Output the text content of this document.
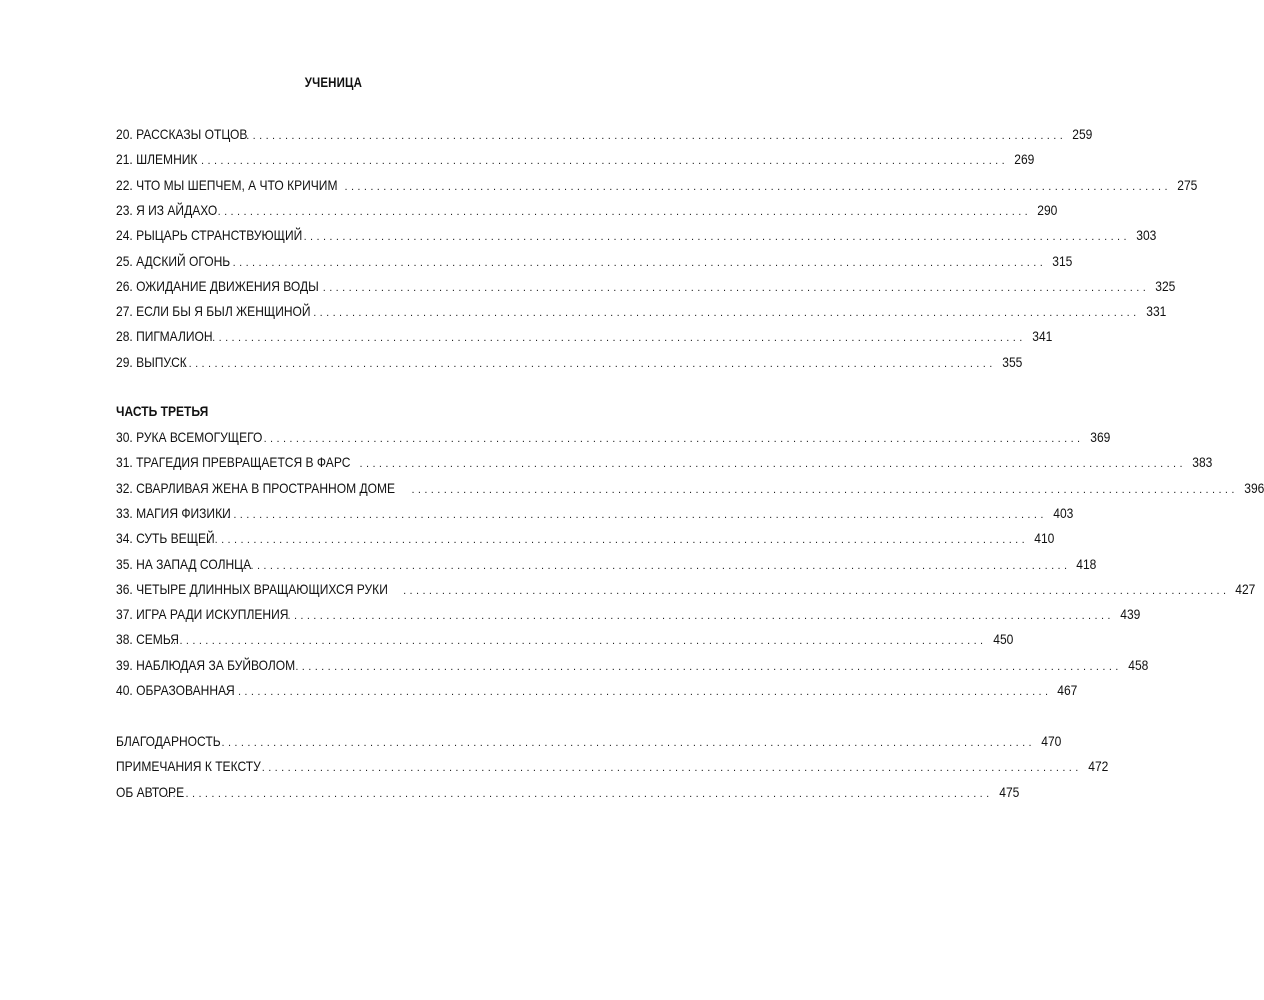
УЧЕНИЦА
20. РАССКАЗЫ ОТЦОВ
................................................................................................................................ 259
21. ШЛЕМНИК
................................................................................................................................ 269
22. ЧТО МЫ ШЕПЧЕМ, А ЧТО КРИЧИМ ................................................................................................................................ 275
23. Я ИЗ АЙДАХО
................................................................................................................................ 290
24. РЫЦАРЬ СТРАНСТВУЮЩИЙ ................................................................................................................................ 303
25. АДСКИЙ ОГОНЬ
................................................................................................................................ 315
26. ОЖИДАНИЕ ДВИЖЕНИЯ ВОДЫ ................................................................................................................................ 325
27. ЕСЛИ БЫ Я БЫЛ ЖЕНЩИНОЙ ................................................................................................................................ 331
28. ПИГМАЛИОН
................................................................................................................................ 341
29. ВЫПУСК
................................................................................................................................ 355
ЧАСТЬ ТРЕТЬЯ
30. РУКА ВСЕМОГУЩЕГО
................................................................................................................................ 369
31. ТРАГЕДИЯ ПРЕВРАЩАЕТСЯ В ФАРС ................................................................................................................................ 383
32. СВАРЛИВАЯ ЖЕНА В ПРОСТРАННОМ ДОМЕ ................................................................................................................................ 396
33. МАГИЯ ФИЗИКИ
................................................................................................................................ 403
34. СУТЬ ВЕЩЕЙ
................................................................................................................................ 410
35. НА ЗАПАД СОЛНЦА
................................................................................................................................ 418
36. ЧЕТЫРЕ ДЛИННЫХ ВРАЩАЮЩИХСЯ РУКИ ................................................................................................................................ 427
37. ИГРА РАДИ ИСКУПЛЕНИЯ ................................................................................................................................ 439
38. СЕМЬЯ
................................................................................................................................ 450
39. НАБЛЮДАЯ ЗА БУЙВОЛОМ ................................................................................................................................ 458
40. ОБРАЗОВАННАЯ
................................................................................................................................ 467
БЛАГОДАРНОСТЬ
................................................................................................................................ 470
ПРИМЕЧАНИЯ К ТЕКСТУ
................................................................................................................................ 472
ОБ АВТОРЕ
................................................................................................................................ 475
